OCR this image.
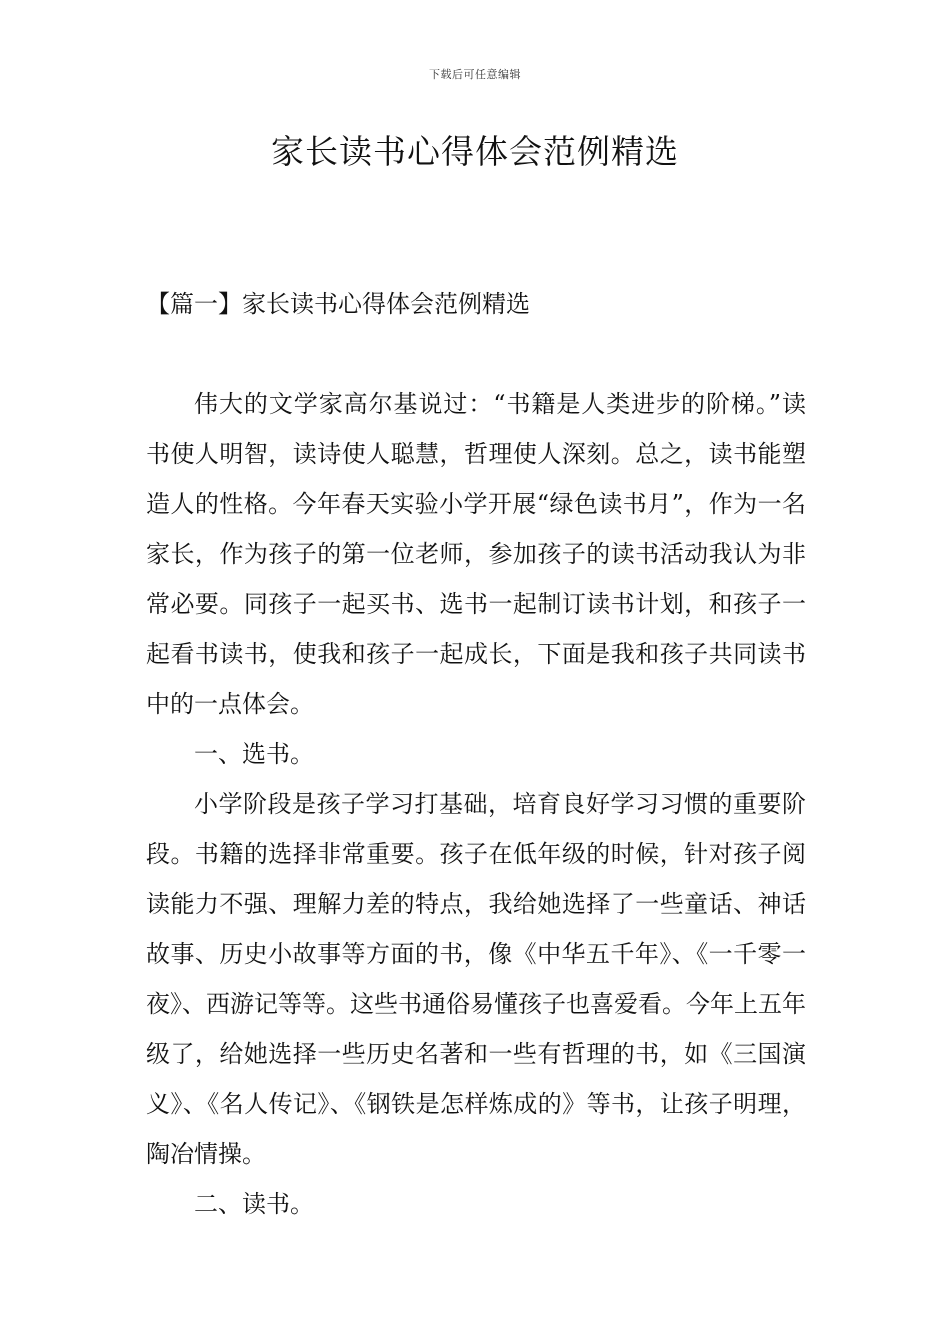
下载后可任意编辑
家长读书心得体会范例精选
【篇一】家长读书心得体会范例精选

伟大的文学家高尔基说过：“书籍是人类进步的阶梯。”读书使人明智，读诗使人聪慧，哲理使人深刻。总之，读书能塑造人的性格。今年春天实验小学开展“绿色读书月”，作为一名家长，作为孩子的第一位老师，参加孩子的读书活动我认为非常必要。同孩子一起买书、选书一起制订读书计划，和孩子一起看书读书，使我和孩子一起成长，下面是我和孩子共同读书中的一点体会。

一、选书。

小学阶段是孩子学习打基础，培育良好学习习惯的重要阶段。书籍的选择非常重要。孩子在低年级的时候，针对孩子阅读能力不强、理解力差的特点，我给她选择了一些童话、神话故事、历史小故事等方面的书，像《中华五千年》、《一千零一夜》、西游记等等。这些书通俗易懂孩子也喜爱看。今年上五年级了，给她选择一些历史名著和一些有哲理的书，如《三国演义》、《名人传记》、《钢铁是怎样炼成的》等书，让孩子明理，陶冶情操。

二、读书。
